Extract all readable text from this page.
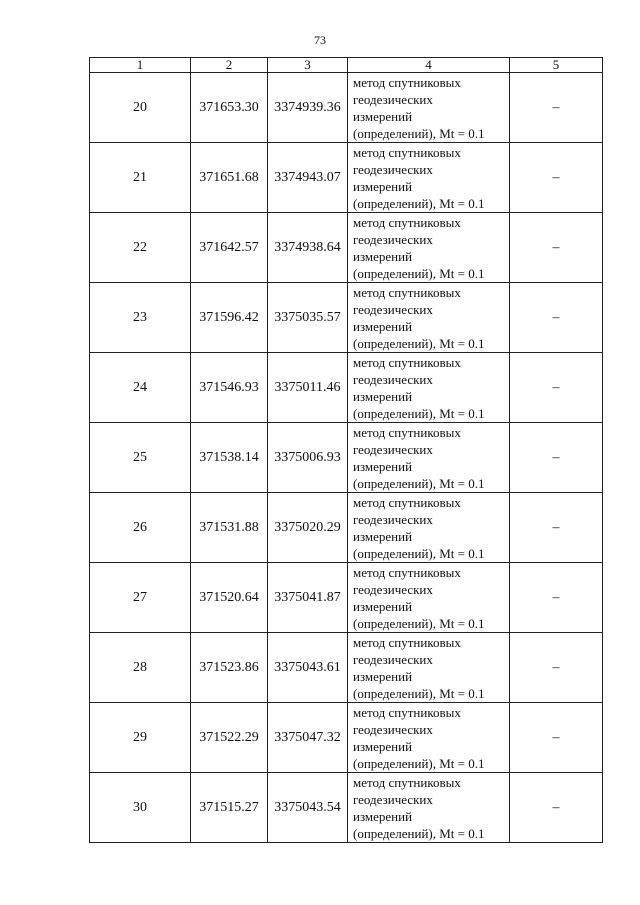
73
1	2	3	4	5
20	371653.30	3374939.36	метод спутниковых
геодезических
измерений
(определений), Mt = 0.1	–
21	371651.68	3374943.07	метод спутниковых
геодезических
измерений
(определений), Mt = 0.1	–
22	371642.57	3374938.64	метод спутниковых
геодезических
измерений
(определений), Mt = 0.1	–
23	371596.42	3375035.57	метод спутниковых
геодезических
измерений
(определений), Mt = 0.1	–
24	371546.93	3375011.46	метод спутниковых
геодезических
измерений
(определений), Mt = 0.1	–
25	371538.14	3375006.93	метод спутниковых
геодезических
измерений
(определений), Mt = 0.1	–
26	371531.88	3375020.29	метод спутниковых
геодезических
измерений
(определений), Mt = 0.1	–
27	371520.64	3375041.87	метод спутниковых
геодезических
измерений
(определений), Mt = 0.1	–
28	371523.86	3375043.61	метод спутниковых
геодезических
измерений
(определений), Mt = 0.1	–
29	371522.29	3375047.32	метод спутниковых
геодезических
измерений
(определений), Mt = 0.1	–
30	371515.27	3375043.54	метод спутниковых
геодезических
измерений
(определений), Mt = 0.1	–
